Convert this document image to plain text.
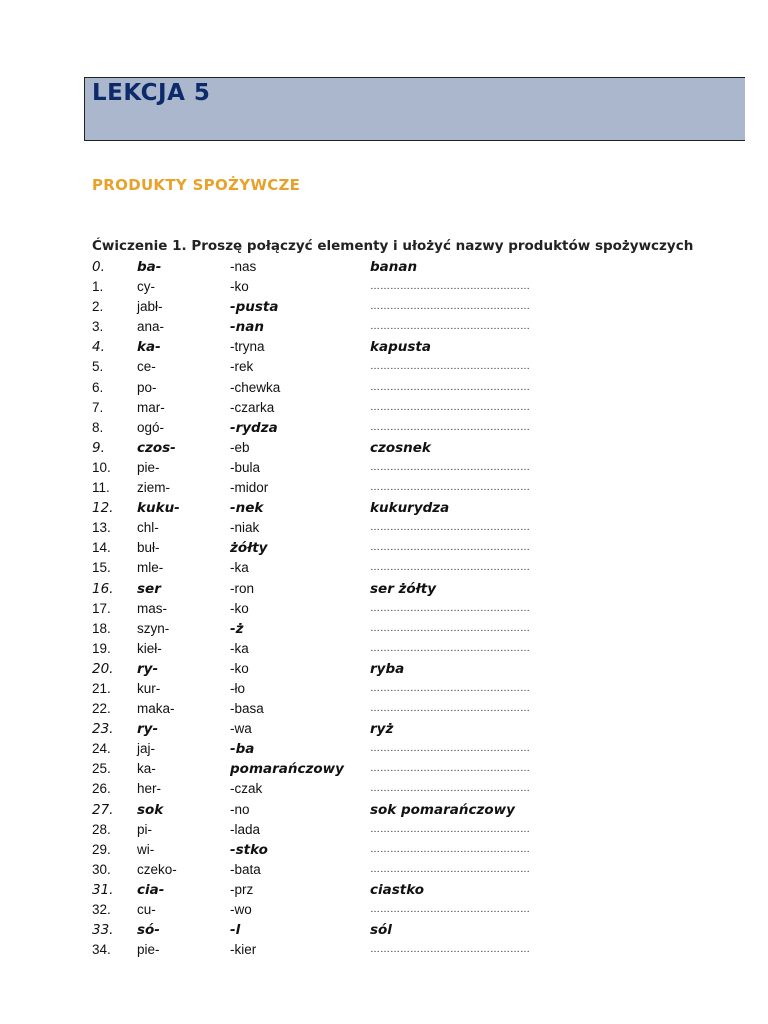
LEKCJA 5
PRODUKTY SPOŻYWCZE
Ćwiczenie 1. Proszę połączyć elementy i ułożyć nazwy produktów spożywczych
0. ba-	-nas	banan
1. cy-	-ko	…………………………………………
2. jabł-	-pusta	…………………………………………
3. ana-	-nan	…………………………………………
4. ka-	-tryna	kapusta
5. ce-	-rek	…………………………………………
6. po-	-chewka	…………………………………………
7. mar-	-czarka	…………………………………………
8. ogó-	-rydza	…………………………………………
9. czos-	-eb	czosnek
10. pie-	-bula	…………………………………………
11. ziem-	-midor	…………………………………………
12. kuku-	-nek	kukurydza
13. chl-	-niak	…………………………………………
14. buł-	żółty	…………………………………………
15. mle-	-ka	…………………………………………
16. ser	-ron	ser żółty
17. mas-	-ko	…………………………………………
18. szyn-	-ż	…………………………………………
19. kieł-	-ka	…………………………………………
20. ry-	-ko	ryba
21. kur-	-ło	…………………………………………
22. maka-	-basa	…………………………………………
23. ry-	-wa	ryż
24. jaj-	-ba	…………………………………………
25. ka-	pomarańczowy	…………………………………………
26. her-	-czak	…………………………………………
27. sok	-no	sok pomarańczowy
28. pi-	-lada	…………………………………………
29. wi-	-stko	…………………………………………
30. czeko-	-bata	…………………………………………
31. cia-	-prz	ciastko
32. cu-	-wo	…………………………………………
33. só-	-l	sól
34. pie-	-kier	…………………………………………
